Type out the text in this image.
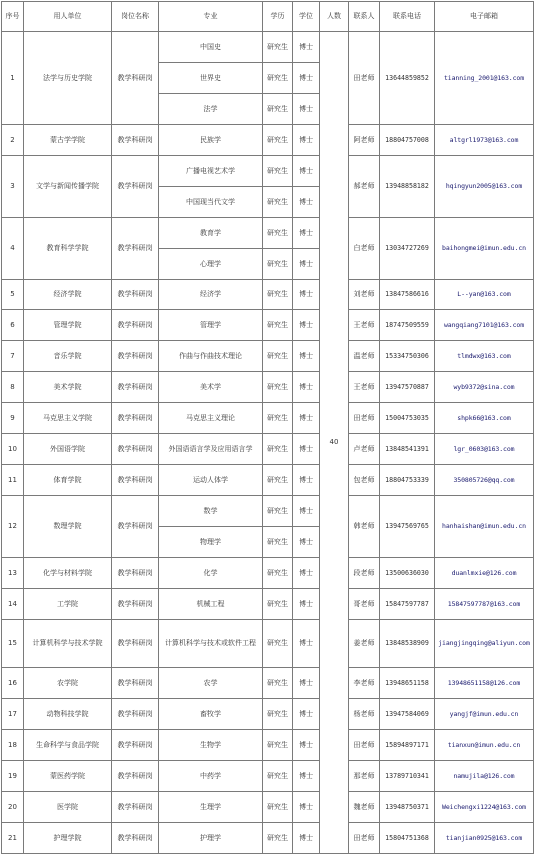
序号	用人单位	岗位名称	专业	学历	学位	人数	联系人	联系电话	电子邮箱
1	法学与历史学院	教学科研岗	中国史	研究生	博士	40	田老师	13644859852	tianning_2001@163.com
			世界史	研究生	博士				
			法学	研究生	博士				
2	蒙古学学院	教学科研岗	民族学	研究生	博士		阿老师	18804757008	altgrl1973@163.com
3	文学与新闻传播学院	教学科研岗	广播电视艺术学	研究生	博士		郝老师	13948858182	hqingyun2005@163.com
			中国现当代文学	研究生	博士				
4	教育科学学院	教学科研岗	教育学	研究生	博士		白老师	13034727269	baihongmei@imun.edu.cn
			心理学	研究生	博士				
5	经济学院	教学科研岗	经济学	研究生	博士		刘老师	13847586616	L--yan@163.com
6	管理学院	教学科研岗	管理学	研究生	博士		王老师	18747509559	wangqiang7101@163.com
7	音乐学院	教学科研岗	作曲与作曲技术理论	研究生	博士		温老师	15334750306	tlmdwx@163.com
8	美术学院	教学科研岗	美术学	研究生	博士		王老师	13947570887	wyb9372@sina.com
9	马克思主义学院	教学科研岗	马克思主义理论	研究生	博士		田老师	15004753035	shpk66@163.com
10	外国语学院	教学科研岗	外国语语言学及应用语言学	研究生	博士		卢老师	13848541391	lgr_0603@163.com
11	体育学院	教学科研岗	运动人体学	研究生	博士		包老师	18804753339	350805726@qq.com
12	数理学院	教学科研岗	数学	研究生	博士		韩老师	13947569765	hanhaishan@imun.edu.cn
			物理学	研究生	博士				
13	化学与材料学院	教学科研岗	化学	研究生	博士		段老师	13500636030	duanlmxie@126.com
14	工学院	教学科研岗	机械工程	研究生	博士		哥老师	15847597787	15847597787@163.com
15	计算机科学与技术学院	教学科研岗	计算机科学与技术或软件工程	研究生	博士		姜老师	13848538909	jiangjingqing@aliyun.com
16	农学院	教学科研岗	农学	研究生	博士		李老师	13948651158	13948651158@126.com
17	动物科技学院	教学科研岗	畜牧学	研究生	博士		杨老师	13947584069	yangjf@imun.edu.cn
18	生命科学与食品学院	教学科研岗	生物学	研究生	博士		田老师	15894897171	tianxun@imun.edu.cn
19	蒙医药学院	教学科研岗	中药学	研究生	博士		那老师	13789710341	namujila@126.com
20	医学院	教学科研岗	生理学	研究生	博士		魏老师	13948750371	Weichengxi1224@163.com
21	护理学院	教学科研岗	护理学	研究生	博士		田老师	15804751368	tianjian0925@163.com
